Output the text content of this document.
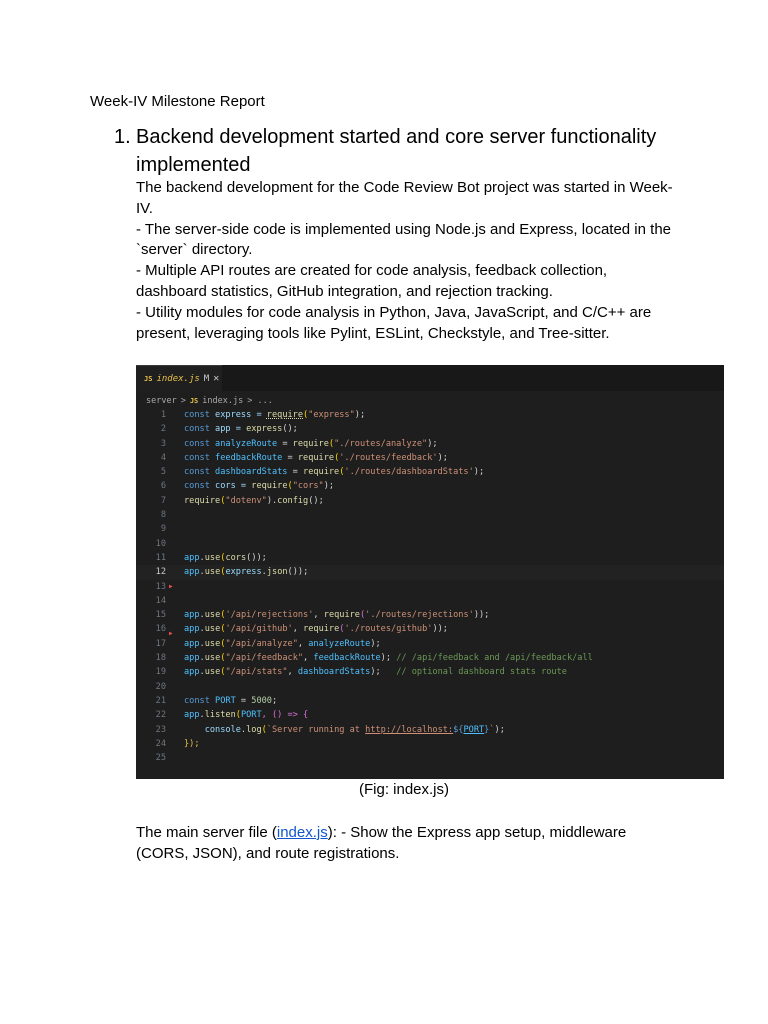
Week-IV Milestone Report
1. Backend development started and core server functionality implemented

The backend development for the Code Review Bot project was started in Week-IV.

- The server-side code is implemented using Node.js and Express, located in the `server` directory.

- Multiple API routes are created for code analysis, feedback collection, dashboard statistics, GitHub integration, and rejection tracking.

- Utility modules for code analysis in Python, Java, JavaScript, and C/C++ are present, leveraging tools like Pylint, ESLint, Checkstyle, and Tree-sitter.

JS index.js M ✕
server > JS index.js > ...
1	const express = require ( "express" );
2	const app = express ();
3	const analyzeRoute = require ( "./routes/analyze" );
4	const feedbackRoute = require ( './routes/feedback' );
5	const dashboardStats = require ( './routes/dashboardStats' );
6	const cors = require ( "cors" );
7	require ( "dotenv" ). config ();
8
9
10
11	app . use ( cors ());
12	app . use ( express . json ());
13 ▶
14
15	app . use ( '/api/rejections' , require ( './routes/rejections' ));
16 ▶ app . use ( '/api/github' , require ( './routes/github' ));
17	app . use ( "/api/analyze" , analyzeRoute );
18	app . use ( "/api/feedback" , feedbackRoute ); // /api/feedback and /api/feedback/all
19	app . use ( "/api/stats" , dashboardStats ); // optional dashboard stats route
20
21	const PORT = 5000 ;
22	app . listen ( PORT , () => {
23
	console . log ( `Server running at http://localhost: ${ PORT } ` );
24	});
25
(Fig: index.js)
The main server file (index.js): - Show the Express app setup, middleware (CORS, JSON), and route registrations.
